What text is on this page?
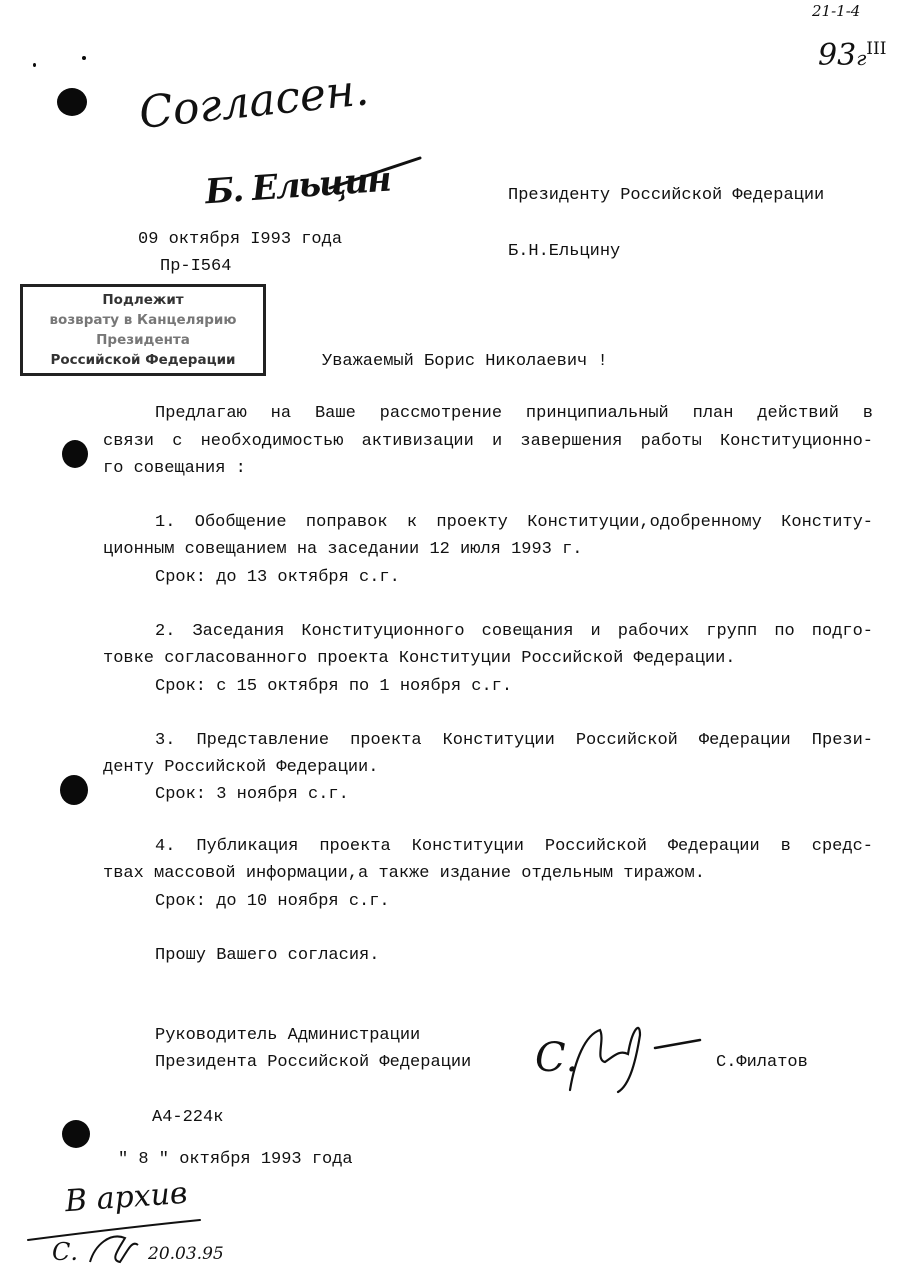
21-1-4
$93г^{III}$
Согласен.
Б. Ельцин
09 октября I993 года
Пр-I564
Президенту Российской Федерации
Б.Н.Ельцину
Подлежит
возврату в Канцелярию
Президента
Российской Федерации	Уважаемый Борис Николаевич !
Предлагаю на Ваше рассмотрение принципиальный план действий в
связи с необходимостью активизации и завершения работы Конституционно-
го совещания :
1. Обобщение поправок к проекту Конституции,одобренному Конститу-
ционным совещанием на заседании 12 июля 1993 г.
Срок: до 13 октября с.г.
2. Заседания Конституционного совещания и рабочих групп по подго-
товке согласованного проекта Конституции Российской Федерации.
Срок: с 15 октября по 1 ноября с.г.
3. Представление проекта Конституции Российской Федерации Прези-
денту Российской Федерации.
Срок: 3 ноября с.г.
4. Публикация проекта Конституции Российской Федерации в средс-
твах массовой информации,а также издание отдельным тиражом.
Срок: до 10 ноября с.г.
Прошу Вашего согласия.
Руководитель Администрации
Президента Российской Федерации С.	С.Филатов
А4-224к
" 8 " октября 1993 года
В архив
С.	20.03.95
